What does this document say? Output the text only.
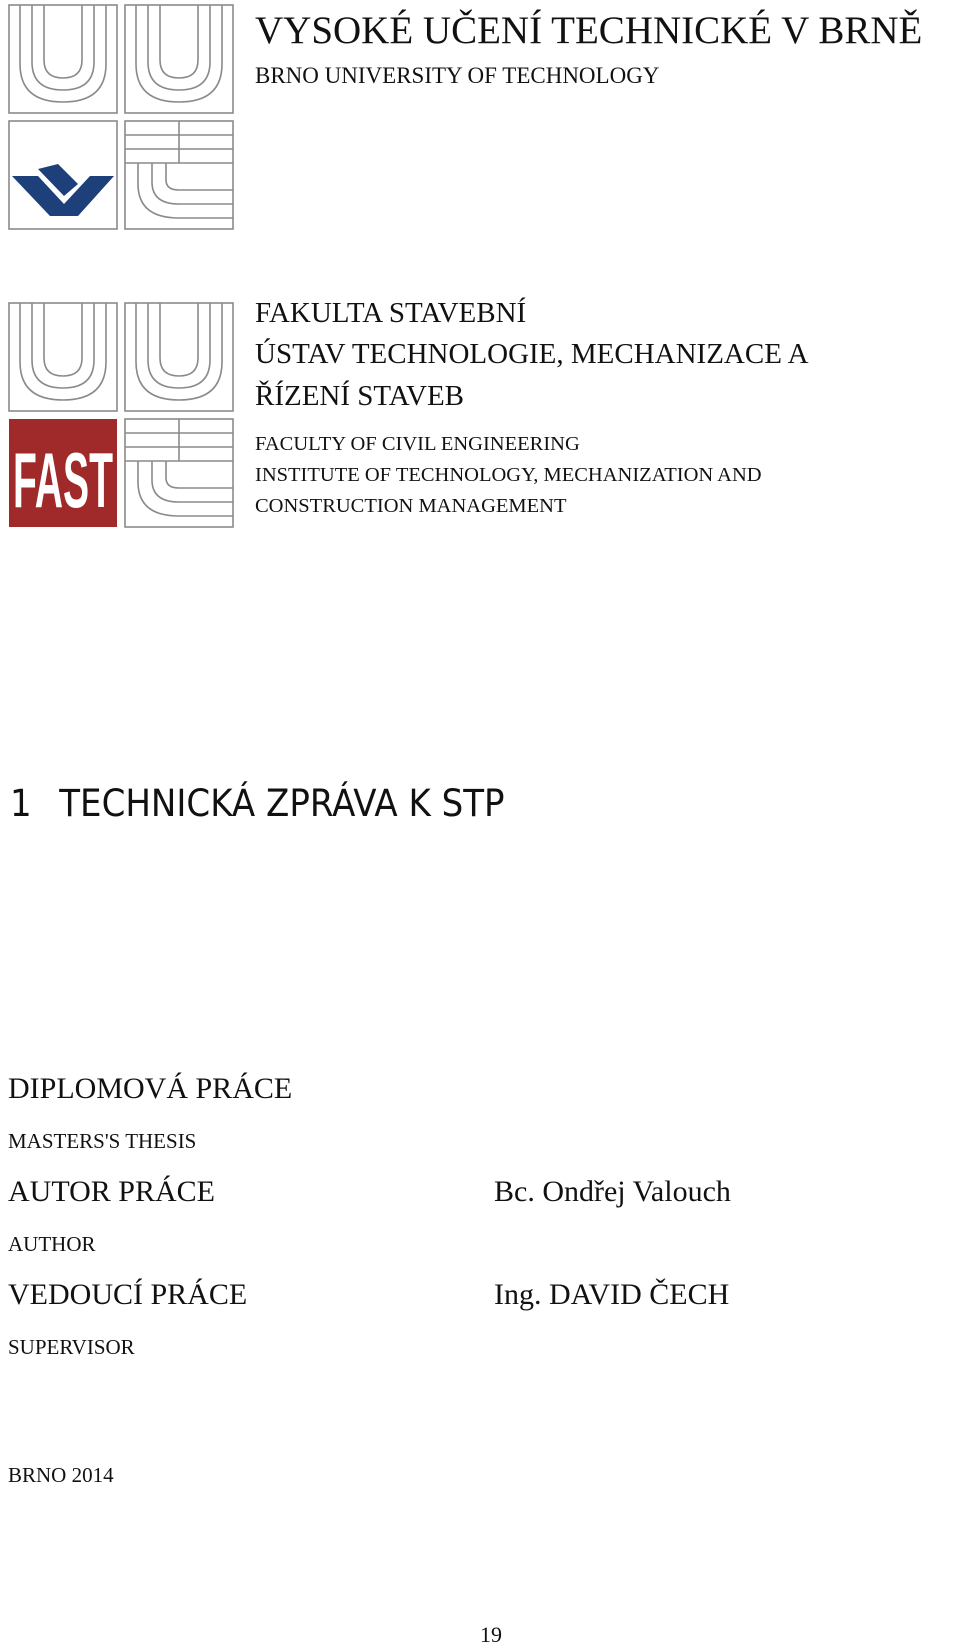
FAST
VYSOKÉ UČENÍ TECHNICKÉ V BRNĚ
BRNO UNIVERSITY OF TECHNOLOGY
FAKULTA STAVEBNÍ
ÚSTAV TECHNOLOGIE, MECHANIZACE A
ŘÍZENÍ STAVEB
FACULTY OF CIVIL ENGINEERING
INSTITUTE OF TECHNOLOGY, MECHANIZATION AND
CONSTRUCTION MANAGEMENT
1 TECHNICKÁ ZPRÁVA K STP
DIPLOMOVÁ PRÁCE
MASTERS'S THESIS
AUTOR PRÁCE	Bc. Ondřej Valouch
AUTHOR
VEDOUCÍ PRÁCE	Ing. DAVID ČECH
SUPERVISOR
BRNO 2014
19
